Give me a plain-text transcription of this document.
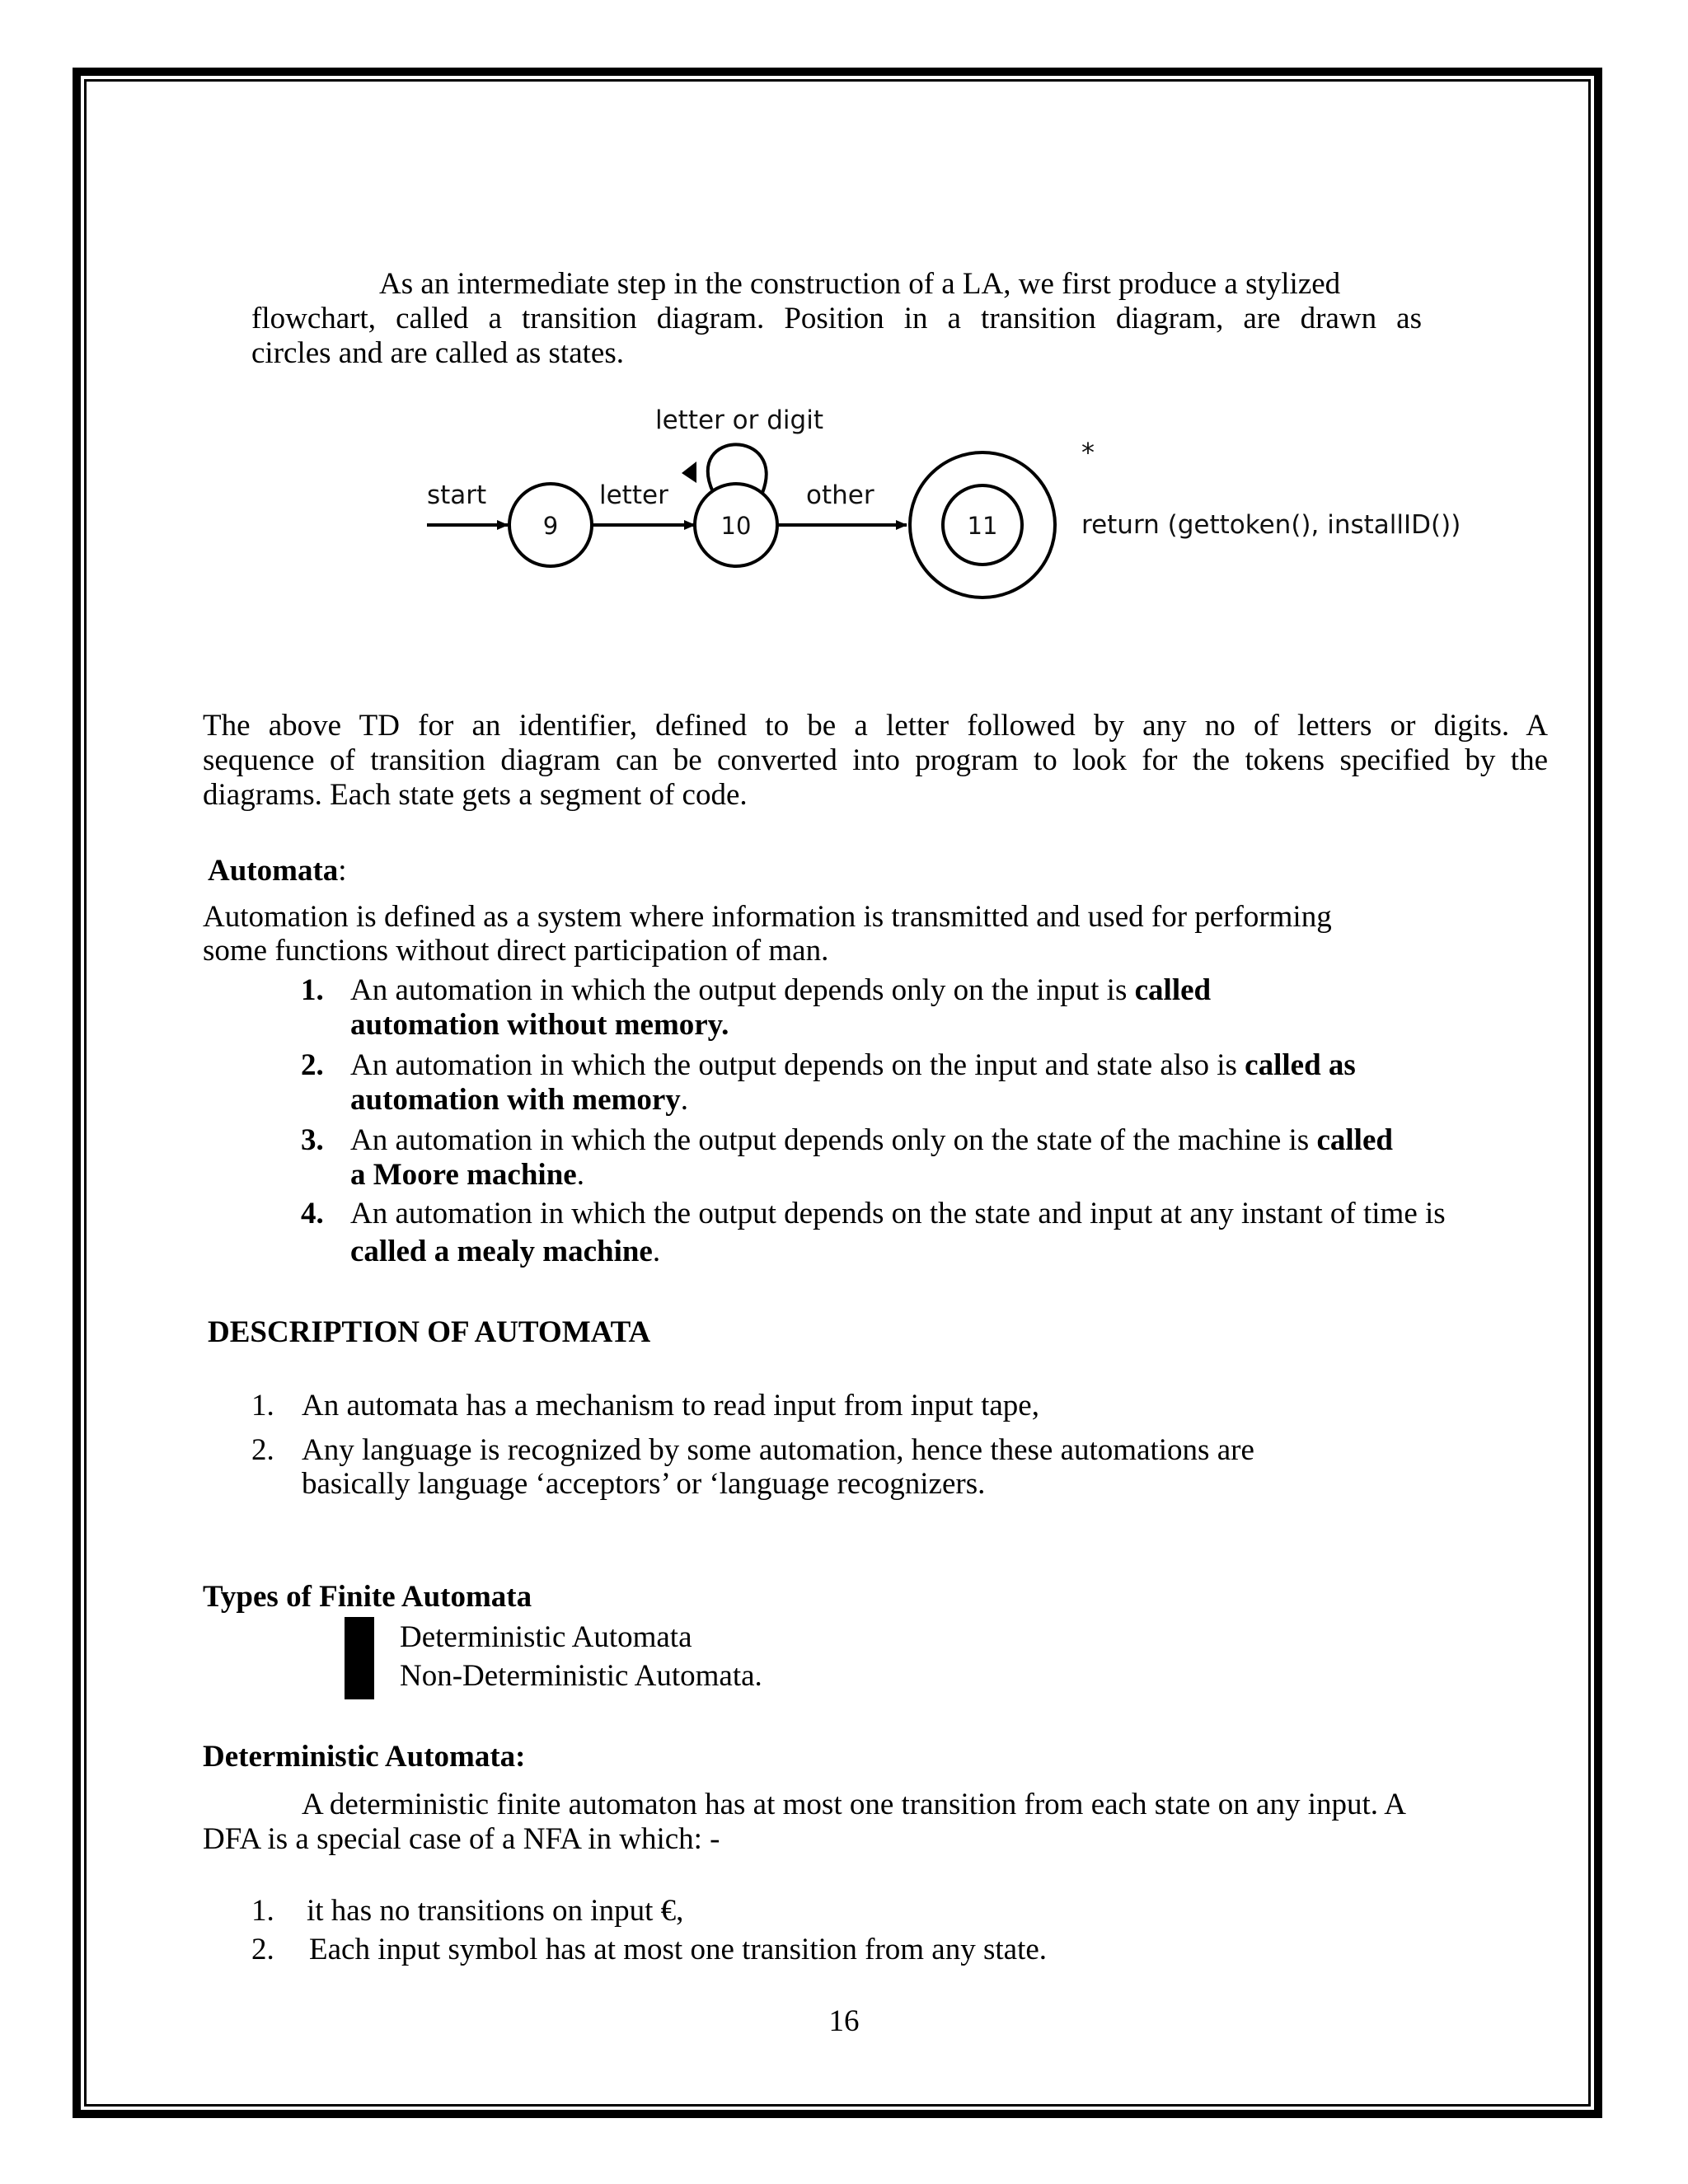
As an intermediate step in the construction of a LA, we first produce a stylized

flowchart, called a transition diagram. Position in a transition diagram, are drawn as

circles and are called as states.

letter or digit
start	letter	other
9	10	11
*
return (gettoken(), installID())

The above TD for an identifier, defined to be a letter followed by any no of letters or digits. A

sequence of transition diagram can be converted into program to look for the tokens specified by the

diagrams. Each state gets a segment of code.

Automata:

Automation is defined as a system where information is transmitted and used for performing

some functions without direct participation of man.

1. An automation in which the output depends only on the input is called

automation without memory.

2. An automation in which the output depends on the input and state also is called as

automation with memory.

3. An automation in which the output depends only on the state of the machine is called

a Moore machine.

4. An automation in which the output depends on the state and input at any instant of time is

called a mealy machine.

DESCRIPTION OF AUTOMATA

1. An automata has a mechanism to read input from input tape,

2. Any language is recognized by some automation, hence these automations are

basically language ‘acceptors’ or ‘language recognizers.

Types of Finite Automata

Deterministic Automata

Non-Deterministic Automata.

Deterministic Automata:

A deterministic finite automaton has at most one transition from each state on any input. A

DFA is a special case of a NFA in which: -

1. it has no transitions on input €,

2. Each input symbol has at most one transition from any state.

16
